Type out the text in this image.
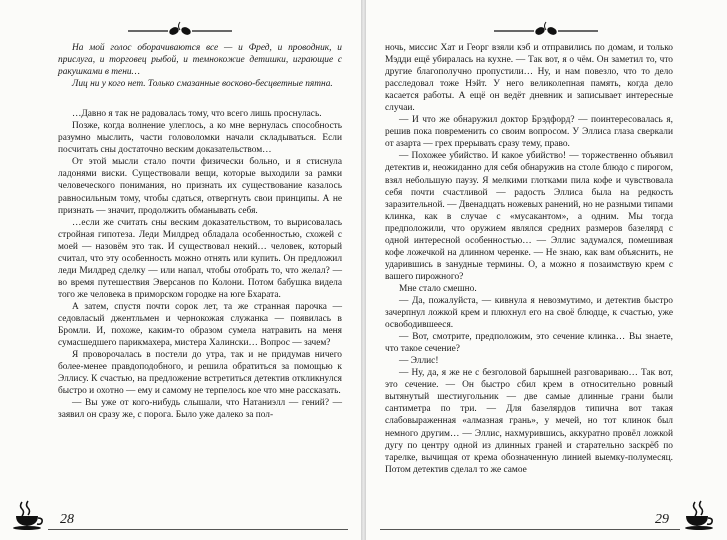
На мой голос оборачиваются все — и Фред, и проводник, и прислуга, и торговец рыбой, и темнокожие детишки, играющие с ракушками в тени…

Лиц ни у кого нет. Только смазанные восково-бесцветные пятна.

…Давно я так не радовалась тому, что всего лишь проснулась.

Позже, когда волнение улеглось, а ко мне вернулась способность разумно мыслить, части головоломки начали складываться. Если посчитать сны достаточно веским доказательством…

От этой мысли стало почти физически больно, и я стиснула ладонями виски. Существовали вещи, которые выходили за рамки человеческого понимания, но признать их существование казалось равносильным тому, чтобы сдаться, отвергнуть свои принципы. А не признать — значит, продолжить обманывать себя.

…если же считать сны веским доказательством, то вырисовалась стройная гипотеза. Леди Милдред обладала особенностью, схожей с моей — назовём это так. И существовал некий… человек, который считал, что эту особенность можно отнять или купить. Он предложил леди Милдред сделку — или напал, чтобы отобрать то, что желал? — во время путешествия Эверсанов по Колони. Потом бабушка видела того же человека в приморском городке на юге Бхарата.

А затем, спустя почти сорок лет, та же странная парочка — седовласый джентльмен и чернокожая служанка — появилась в Бромли. И, похоже, каким-то образом сумела натравить на меня сумасшедшего парикмахера, мистера Халински… Вопрос — зачем?

Я проворочалась в постели до утра, так и не придумав ничего более-менее правдоподобного, и решила обратиться за помощью к Эллису. К счастью, на предложение встретиться детектив откликнулся быстро и охотно — ему и самому не терпелось кое что мне рассказать.

— Вы уже от кого-нибудь слышали, что Натаниэлл — гений? — заявил он сразу же, с порога. Было уже далеко за пол-

28

ночь, миссис Хат и Георг взяли кэб и отправились по домам, и только Мэдди ещё убиралась на кухне. — Так вот, я о чём. Он заметил то, что другие благополучно пропустили… Ну, и нам повезло, что то дело расследовал тоже Нэйт. У него великолепная память, когда дело касается работы. А ещё он ведёт дневник и записывает интересные случаи.

— И что же обнаружил доктор Брэдфорд? — поинтересовалась я, решив пока повременить со своим вопросом. У Эллиса глаза сверкали от азарта — грех прерывать сразу тему, право.

— Похожее убийство. И какое убийство! — торжественно объявил детектив и, неожиданно для себя обнаружив на столе блюдо с пирогом, взял небольшую паузу. Я мелкими глотками пила кофе и чувствовала себя почти счастливой — радость Эллиса была на редкость заразительной. — Двенадцать ножевых ранений, но не разными типами клинка, как в случае с «мусакантом», а одним. Мы тогда предположили, что оружием являлся средних размеров базелярд с одной интересной особенностью… — Эллис задумался, помешивая кофе ложечкой на длинном черенке. — Не знаю, как вам объяснить, не ударившись в занудные термины. О, а можно я позаимствую крем с вашего пирожного?

Мне стало смешно.

— Да, пожалуйста, — кивнула я невозмутимо, и детектив быстро зачерпнул ложкой крем и плюхнул его на своё блюдце, к счастью, уже освободившееся.

— Вот, смотрите, предположим, это сечение клинка… Вы знаете, что такое сечение?

— Эллис!

— Ну, да, я же не с безголовой барышней разговариваю… Так вот, это сечение. — Он быстро сбил крем в относительно ровный вытянутый шестиугольник — две самые длинные грани были сантиметра по три. — Для базелярдов типична вот такая слабовыраженная «алмазная грань», у мечей, но тот клинок был немного другим… — Эллис, нахмурившись, аккуратно провёл ложкой дугу по центру одной из длинных граней и старательно заскрёб по тарелке, вычищая от крема обозначенную линией выемку-полумесяц. Потом детектив сделал то же самое

29
